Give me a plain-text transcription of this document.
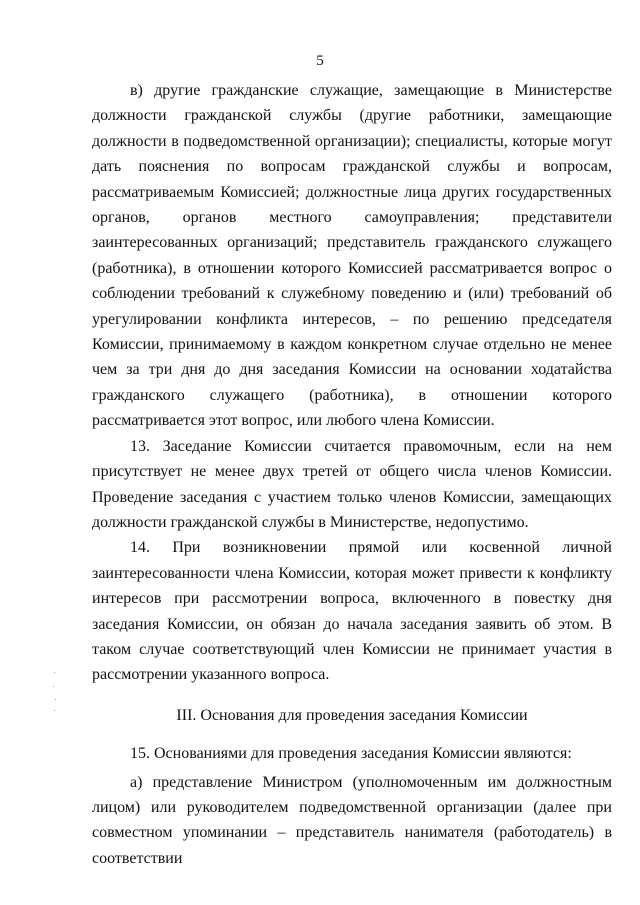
5

в) другие гражданские служащие, замещающие в Министерстве должности гражданской службы (другие работники, замещающие должности в подведомственной организации); специалисты, которые могут дать пояснения по вопросам гражданской службы и вопросам, рассматриваемым Комиссией; должностные лица других государственных органов, органов местного самоуправления; представители заинтересованных организаций; представитель гражданского служащего (работника), в отношении которого Комиссией рассматривается вопрос о соблюдении требований к служебному поведению и (или) требований об урегулировании конфликта интересов, – по решению председателя Комиссии, принимаемому в каждом конкретном случае отдельно не менее чем за три дня до дня заседания Комиссии на основании ходатайства гражданского служащего (работника), в отношении которого рассматривается этот вопрос, или любого члена Комиссии.

13. Заседание Комиссии считается правомочным, если на нем присутствует не менее двух третей от общего числа членов Комиссии. Проведение заседания с участием только членов Комиссии, замещающих должности гражданской службы в Министерстве, недопустимо.

14. При возникновении прямой или косвенной личной заинтересованности члена Комиссии, которая может привести к конфликту интересов при рассмотрении вопроса, включенного в повестку дня заседания Комиссии, он обязан до начала заседания заявить об этом. В таком случае соответствующий член Комиссии не принимает участия в рассмотрении указанного вопроса.

III. Основания для проведения заседания Комиссии

15. Основаниями для проведения заседания Комиссии являются:

а) представление Министром (уполномоченным им должностным лицом) или руководителем подведомственной организации (далее при совместном упоминании – представитель нанимателя (работодатель) в соответствии
